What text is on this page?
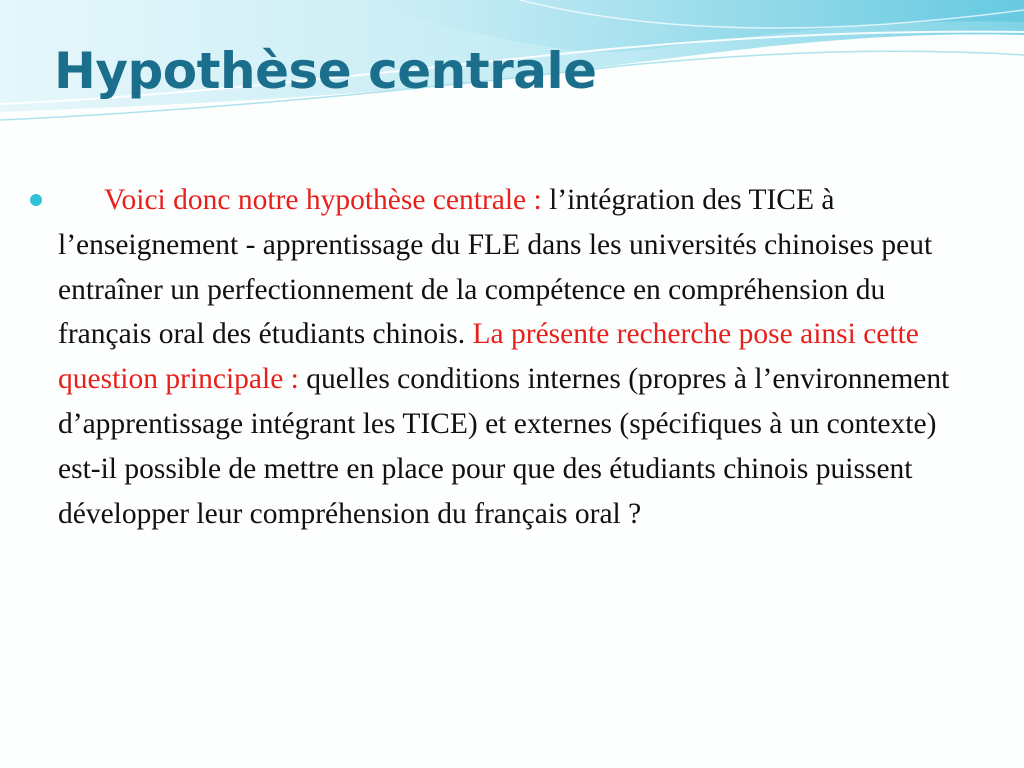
Hypothèse centrale
Voici donc notre hypothèse centrale : l’intégration des TICE à l’enseignement - apprentissage du FLE dans les universités chinoises peut entraîner un perfectionnement de la compétence en compréhension du français oral des étudiants chinois. La présente recherche pose ainsi cette question principale : quelles conditions internes (propres à l’environnement d’apprentissage intégrant les TICE) et externes (spécifiques à un contexte) est-il possible de mettre en place pour que des étudiants chinois puissent développer leur compréhension du français oral ?
